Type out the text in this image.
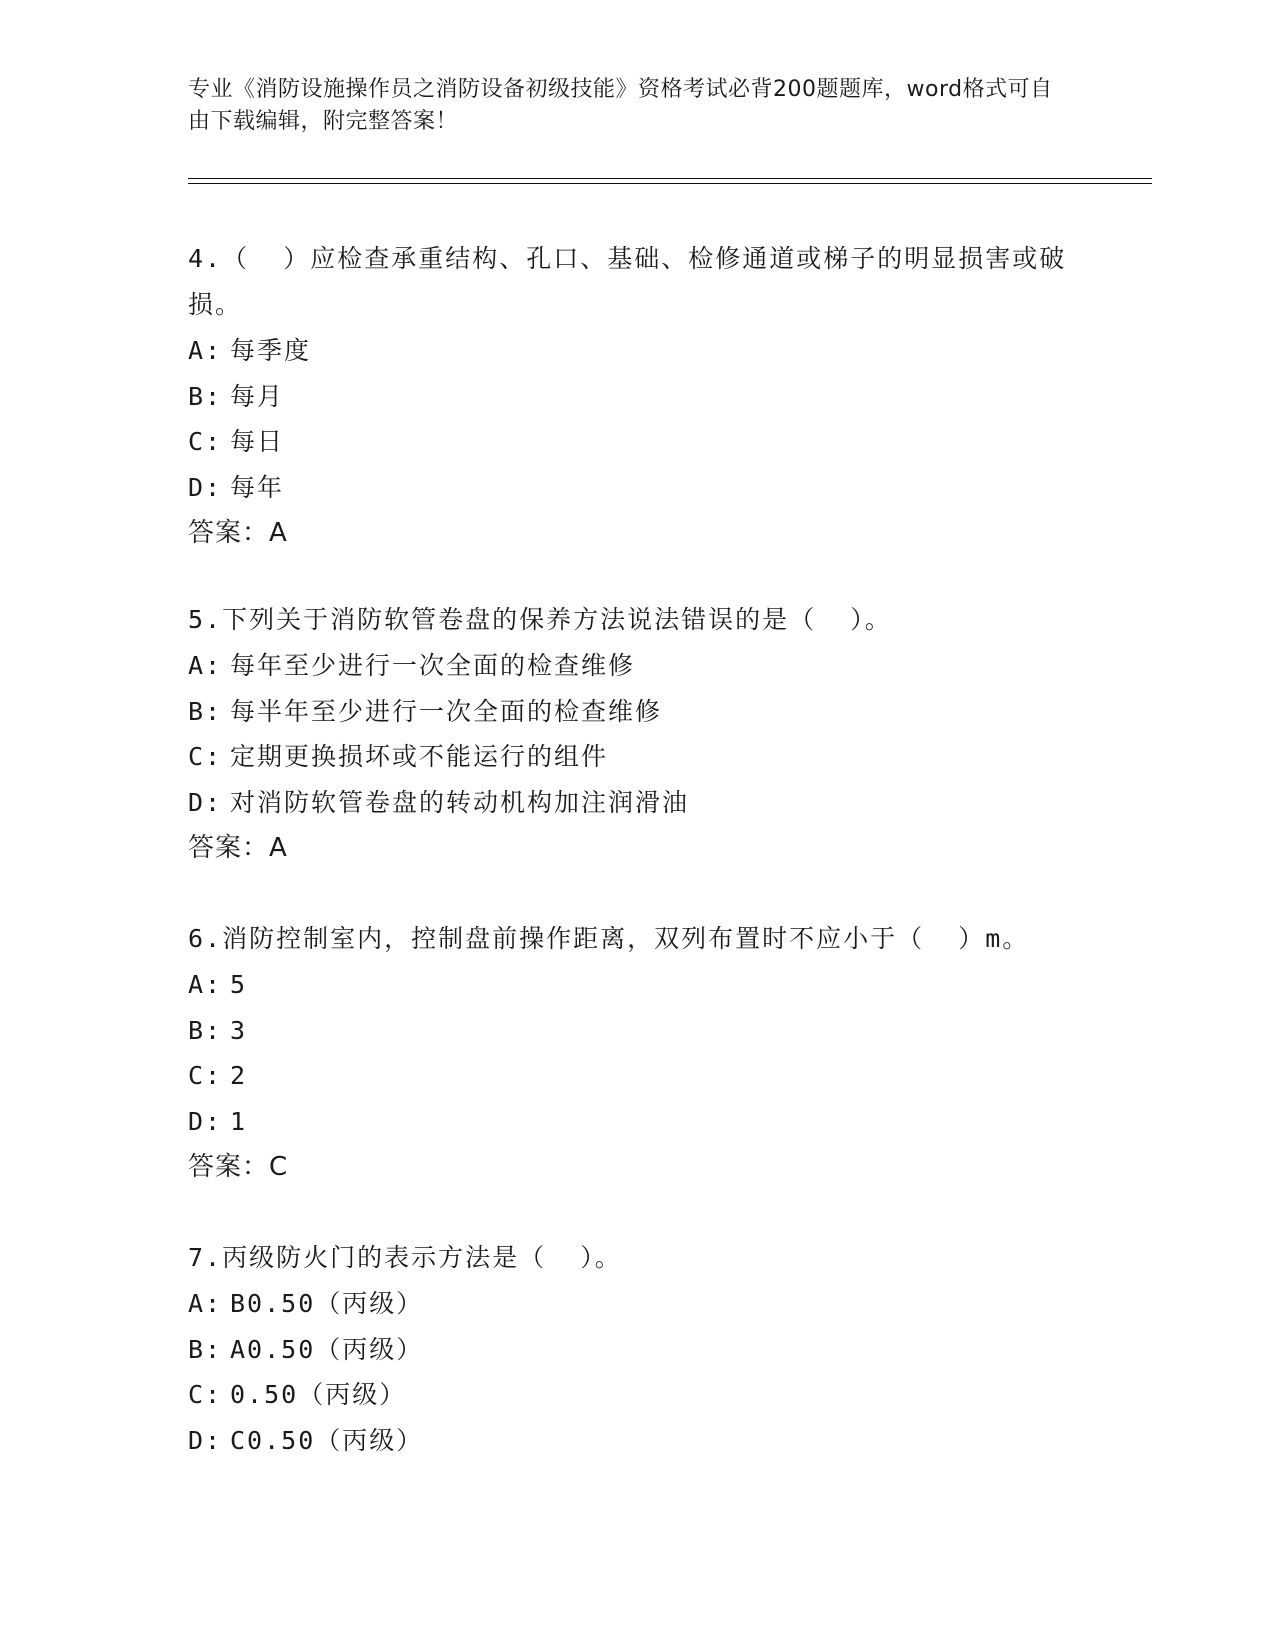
专业《消防设施操作员之消防设备初级技能》资格考试必背200题题库，word格式可自由下载编辑，附完整答案！

4.（  ）应检查承重结构、孔口、基础、检修通道或梯子的明显损害或破损。

A: 每季度
B: 每月
C: 每日
D: 每年
答案：A

5.下列关于消防软管卷盘的保养方法说法错误的是（  ）。

A: 每年至少进行一次全面的检查维修
B: 每半年至少进行一次全面的检查维修
C: 定期更换损坏或不能运行的组件
D: 对消防软管卷盘的转动机构加注润滑油
答案：A

6.消防控制室内，控制盘前操作距离，双列布置时不应小于（  ）m。

A: 5
B: 3
C: 2
D: 1
答案：C

7.丙级防火门的表示方法是（  ）。

A: B0.50（丙级）
B: A0.50（丙级）
C: 0.50（丙级）
D: C0.50（丙级）
